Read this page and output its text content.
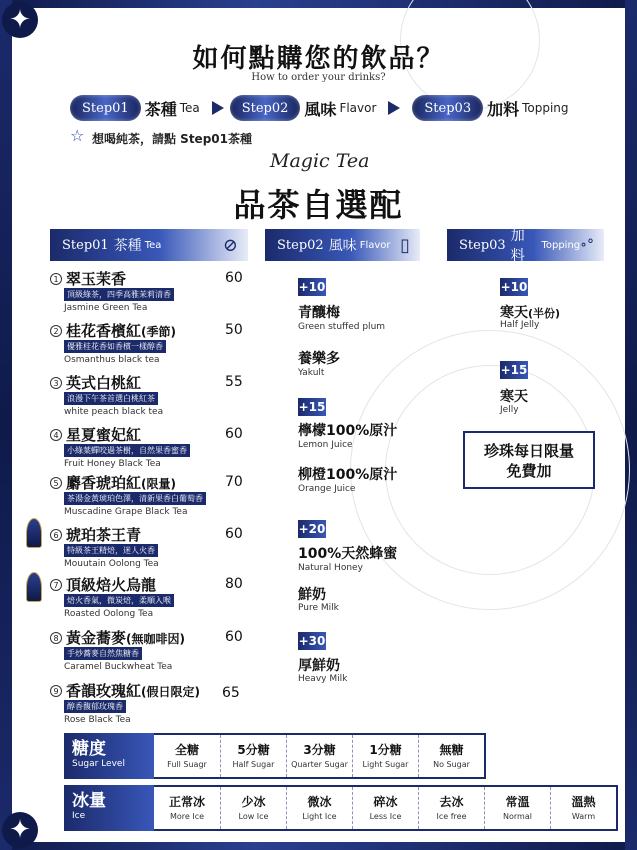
✦
✦
如何點購您的飲品？
How to order your drinks?
Step01	茶種 Tea	Step02	風味 Flavor	Step03	加料 Topping
☆ 想喝純茶，請點 Step01茶種
Magic Tea
品茶自選配
Step01 茶種 Tea	⊘	Step02 風味 Flavor ▯	Step03
加料
Topping ∘°
1 翠玉茉香
頂級綠茶，四季高雅茉莉清香
Jasmine Green Tea
60
2 桂花香檳紅(季節)
優雅桂花香如香檳一樣醇香
Osmanthus black tea
50
3 英式白桃紅
浪漫下午茶首選白桃紅茶
white peach black tea
55
4 星夏蜜妃紅
小綠葉蟬咬過茶樹，自然果香蜜香
Fruit Honey Black Tea
60
5 麝香琥珀紅(限量)
茶湯金黃琥珀色澤，清新果香白葡萄香
Muscadine Grape Black Tea
70
6 琥珀茶王青
特級茶王精焙，迷人火香
Mouutain Oolong Tea
60
7 頂級焙火烏龍
焙火香氣，微炭焙，柔順入喉
Roasted Oolong Tea
80
8 黃金蕎麥(無咖啡因)
手炒蕎麥自然焦糖香
Caramel Buckwheat Tea
60
9 香韻玫瑰紅(假日限定)
醇香馥郁玫瑰香
Rose Black Tea
65
+10
青釀梅
Green stuffed plum
養樂多
Yakult
+15
檸檬100%原汁
Lemon Juice
柳橙100%原汁
Orange Juice
+20
100%天然蜂蜜
Natural Honey
鮮奶
Pure Milk
+30
厚鮮奶
Heavy Milk
+10
寒天(半份)
Half Jelly
+15
寒天
Jelly
珍珠每日限量
免費加
糖度
Sugar Level
全糖
Full Suagr
5分糖
Half Sugar
3分糖
Quarter Sugar
1分糖
Light Sugar
無糖
No Sugar
冰量
Ice
正常冰
More Ice
少冰
Low Ice
微冰
Light Ice
碎冰
Less Ice
去冰
Ice free
常溫
Normal
溫熱
Warm
